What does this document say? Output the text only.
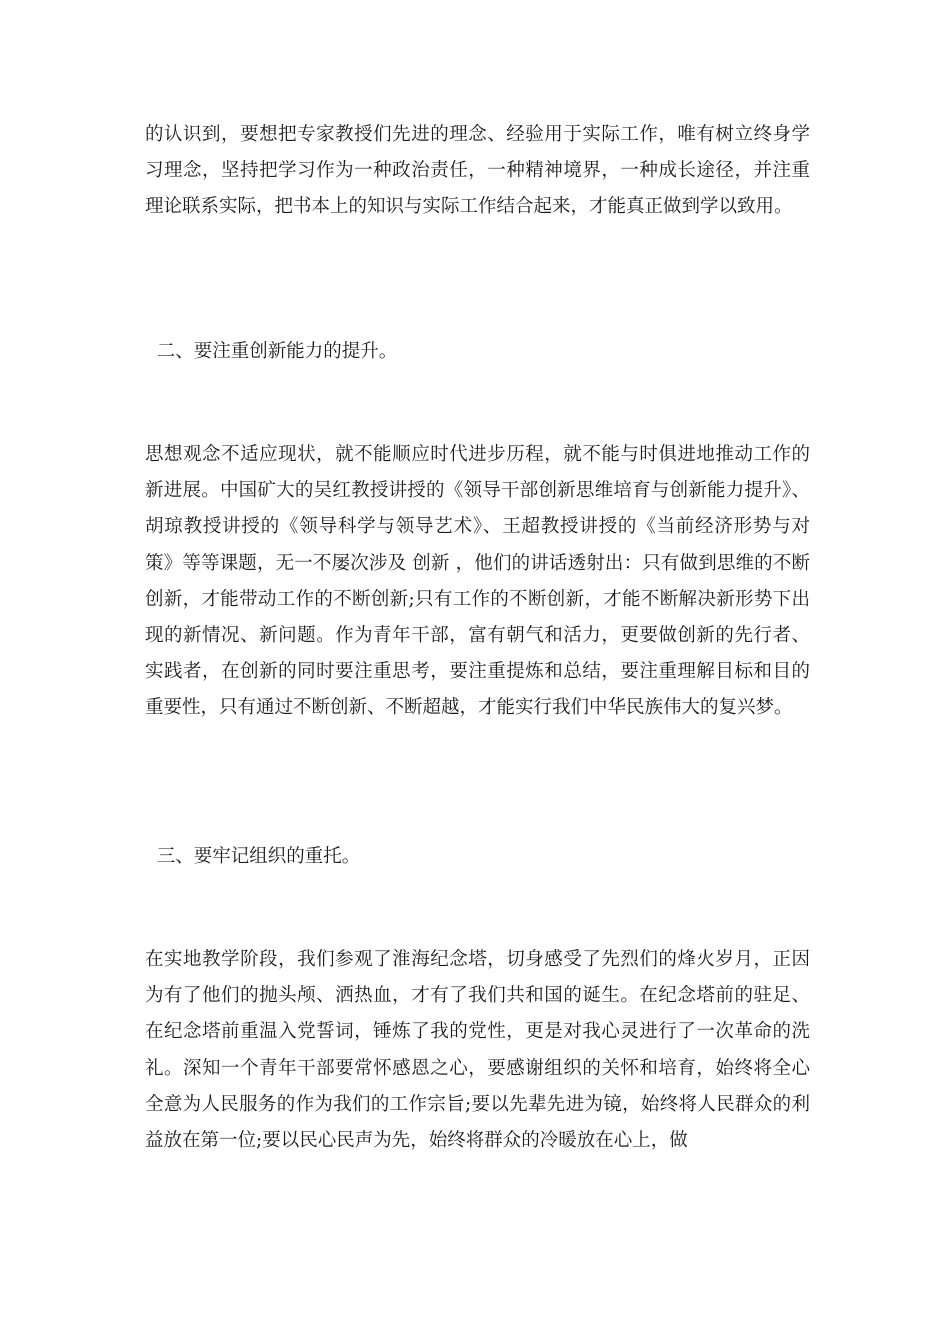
的认识到，要想把专家教授们先进的理念、经验用于实际工作，唯有树立终身学习理念，坚持把学习作为一种政治责任，一种精神境界，一种成长途径，并注重理论联系实际，把书本上的知识与实际工作结合起来，才能真正做到学以致用。

二、要注重创新能力的提升。

思想观念不适应现状，就不能顺应时代进步历程，就不能与时俱进地推动工作的新进展。中国矿大的吴红教授讲授的《领导干部创新思维培育与创新能力提升》、胡琼教授讲授的《领导科学与领导艺术》、王超教授讲授的《当前经济形势与对策》等等课题，无一不屡次涉及 创新 ，他们的讲话透射出：只有做到思维的不断创新，才能带动工作的不断创新;只有工作的不断创新，才能不断解决新形势下出现的新情况、新问题。作为青年干部，富有朝气和活力，更要做创新的先行者、实践者，在创新的同时要注重思考，要注重提炼和总结，要注重理解目标和目的重要性，只有通过不断创新、不断超越，才能实行我们中华民族伟大的复兴梦。

三、要牢记组织的重托。

在实地教学阶段，我们参观了淮海纪念塔，切身感受了先烈们的烽火岁月，正因为有了他们的抛头颅、洒热血，才有了我们共和国的诞生。在纪念塔前的驻足、在纪念塔前重温入党誓词，锤炼了我的党性，更是对我心灵进行了一次革命的洗礼。深知一个青年干部要常怀感恩之心，要感谢组织的关怀和培育，始终将全心全意为人民服务的作为我们的工作宗旨;要以先辈先进为镜，始终将人民群众的利益放在第一位;要以民心民声为先，始终将群众的冷暖放在心上，做
